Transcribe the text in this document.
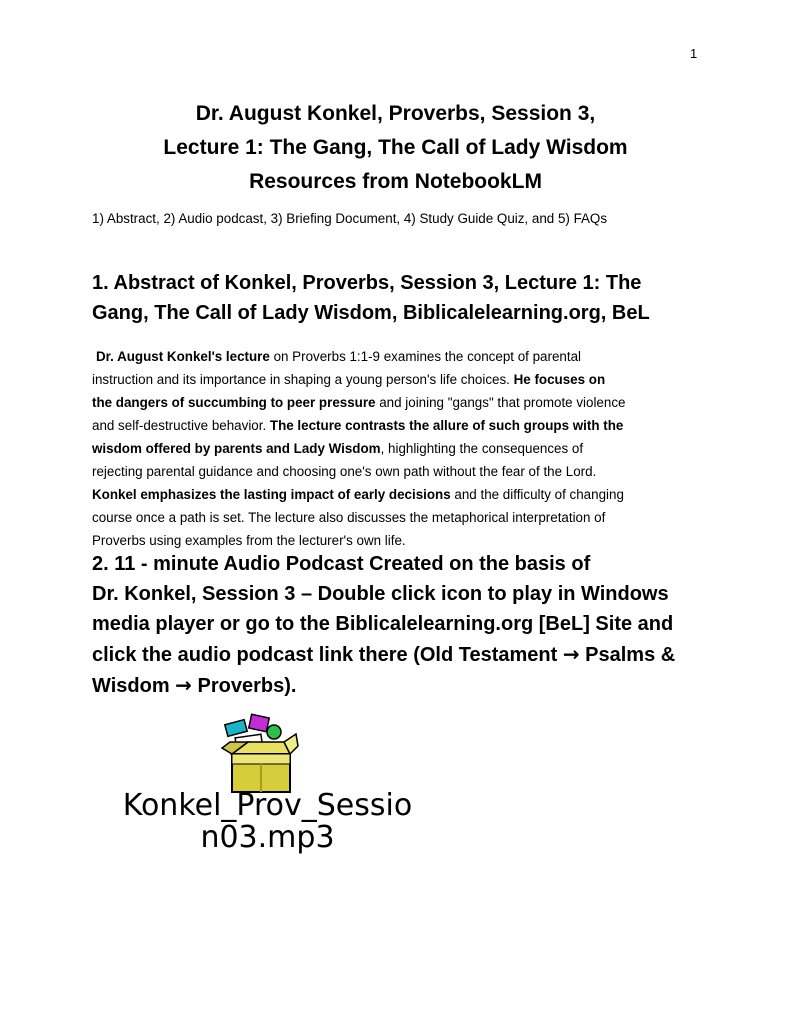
1
Dr. August Konkel, Proverbs, Session 3,
Lecture 1: The Gang, The Call of Lady Wisdom
Resources from NotebookLM
1) Abstract, 2) Audio podcast, 3) Briefing Document, 4) Study Guide Quiz, and 5) FAQs
1. Abstract of Konkel, Proverbs, Session 3, Lecture 1: The
Gang, The Call of Lady Wisdom, Biblicalelearning.org, BeL
Dr. August Konkel's lecture on Proverbs 1:1-9 examines the concept of parental
instruction and its importance in shaping a young person's life choices. He focuses on
the dangers of succumbing to peer pressure and joining "gangs" that promote violence
and self-destructive behavior. The lecture contrasts the allure of such groups with the
wisdom offered by parents and Lady Wisdom, highlighting the consequences of
rejecting parental guidance and choosing one's own path without the fear of the Lord.
Konkel emphasizes the lasting impact of early decisions and the difficulty of changing
course once a path is set. The lecture also discusses the metaphorical interpretation of
Proverbs using examples from the lecturer's own life.
2. 11 - minute Audio Podcast Created on the basis of
Dr. Konkel, Session 3 – Double click icon to play in Windows
media player or go to the Biblicalelearning.org [BeL] Site and
click the audio podcast link there (Old Testament → Psalms &
Wisdom → Proverbs).
Konkel_Prov_Sessio
n03.mp3
